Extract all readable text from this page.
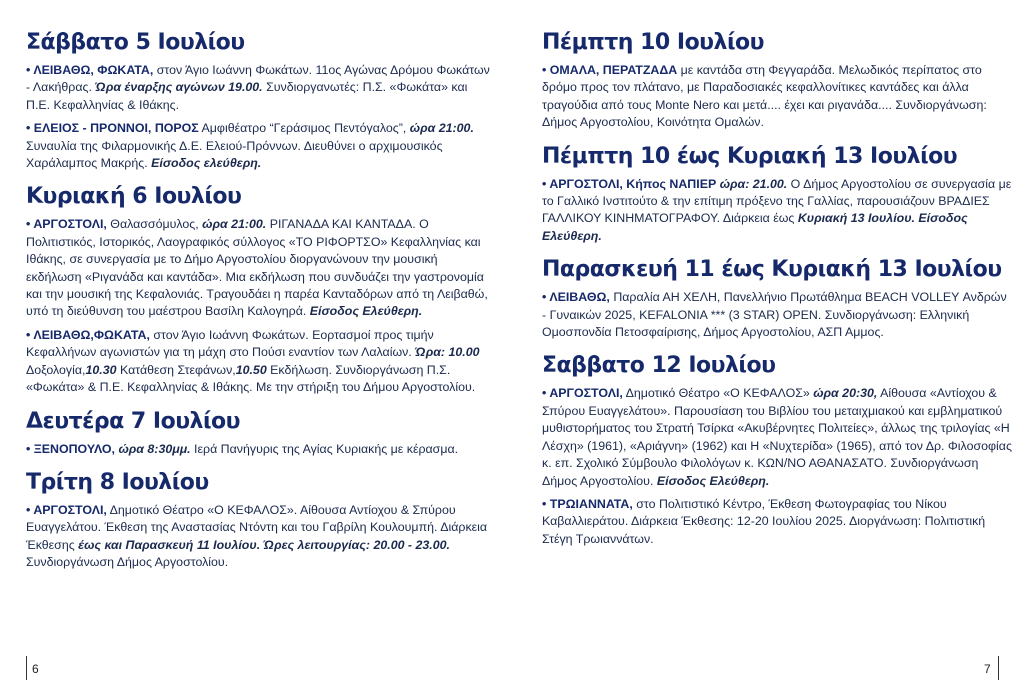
Σάββατο 5 Ιουλίου
• ΛΕΙΒΑΘΩ, ΦΩΚΑΤΑ, στον Άγιο Ιωάννη Φωκάτων. 11ος Αγώνας Δρόμου Φωκάτων - Λακήθρας. Ώρα έναρξης αγώνων 19.00. Συνδιοργανωτές: Π.Σ. «Φωκάτα» και Π.Ε. Κεφαλληνίας & Ιθάκης.
• ΕΛΕΙΟΣ - ΠΡΟΝΝΟΙ, ΠΟΡΟΣ Αμφιθέατρο “Γεράσιμος Πεντόγαλος”, ώρα 21:00. Συναυλία της Φιλαρμονικής Δ.Ε. Ελειού-Πρόννων. Διευθύνει ο αρχιμουσικός Χαράλαμπος Μακρής. Είσοδος ελεύθερη.
Κυριακή 6 Ιουλίου
• ΑΡΓΟΣΤΟΛΙ, Θαλασσόμυλος, ώρα 21:00. ΡΙΓΑΝΑΔΑ ΚΑΙ ΚΑΝΤΑΔΑ. Ο Πολιτιστικός, Ιστορικός, Λαογραφικός σύλλογος «ΤΟ ΡΙΦΟΡΤΣΟ» Κεφαλληνίας και Ιθάκης, σε συνεργασία με το Δήμο Αργοστολίου διοργανώνουν την μουσική εκδήλωση «Ριγανάδα και καντάδα». Μια εκδήλωση που συνδυάζει την γαστρονομία και την μουσική της Κεφαλονιάς. Τραγουδάει η παρέα Κανταδόρων από τη Λειβαθώ, υπό τη διεύθυνση του μαέστρου Βασίλη Καλογηρά. Είσοδος Ελεύθερη.
• ΛΕΙΒΑΘΩ,ΦΩΚΑΤΑ, στον Άγιο Ιωάννη Φωκάτων. Εορτασμοί προς τιμήν Κεφαλλήνων αγωνιστών για τη μάχη στο Πούσι εναντίον των Λαλαίων. Ώρα: 10.00 Δοξολογία,10.30 Κατάθεση Στεφάνων,10.50 Εκδήλωση. Συνδιοργάνωση Π.Σ. «Φωκάτα» & Π.Ε. Κεφαλληνίας & Ιθάκης. Με την στήριξη του Δήμου Αργοστολίου.
Δευτέρα 7 Ιουλίου
• ΞΕΝΟΠΟΥΛΟ, ώρα 8:30μμ. Ιερά Πανήγυρις της Αγίας Κυριακής με κέρασμα.
Τρίτη 8 Ιουλίου
• ΑΡΓΟΣΤΟΛΙ, Δημοτικό Θέατρο «Ο ΚΕΦΑΛΟΣ». Αίθουσα Αντίοχου & Σπύρου Ευαγγελάτου. Έκθεση της Αναστασίας Ντόντη και του Γαβρίλη Κουλουμπή. Διάρκεια Έκθεσης έως και Παρασκευή 11 Ιουλίου. Ώρες λειτουργίας: 20.00 - 23.00. Συνδιοργάνωση Δήμος Αργοστολίου.
6
Πέμπτη 10 Ιουλίου
• ΟΜΑΛΑ, ΠΕΡΑΤΖΑΔΑ με καντάδα στη Φεγγαράδα. Μελωδικός περίπατος στο δρόμο προς τον πλάτανο, με Παραδοσιακές κεφαλλονίτικες καντάδες και άλλα τραγούδια από τους Monte Nero και μετά.... έχει και ριγανάδα.... Συνδιοργάνωση: Δήμος Αργοστολίου, Κοινότητα Ομαλών.
Πέμπτη 10 έως Κυριακή 13 Ιουλίου
• ΑΡΓΟΣΤΟΛΙ, Κήπος ΝΑΠΙΕΡ ώρα: 21.00. Ο Δήμος Αργοστολίου σε συνεργασία με το Γαλλικό Ινστιτούτο & την επίτιμη πρόξενο της Γαλλίας, παρουσιάζουν ΒΡΑΔΙΕΣ ΓΑΛΛΙΚΟΥ ΚΙΝΗΜΑΤΟΓΡΑΦΟΥ. Διάρκεια έως Κυριακή 13 Ιουλίου. Είσοδος Ελεύθερη.
Παρασκευή 11 έως Κυριακή 13 Ιουλίου
• ΛΕΙΒΑΘΩ, Παραλία ΑΗ ΧΕΛΗ, Πανελλήνιο Πρωτάθλημα BEACH VOLLEY Ανδρών - Γυναικών 2025, KEFALONIA *** (3 STAR) OPEN. Συνδιοργάνωση: Ελληνική Ομοσπονδία Πετοσφαίρισης, Δήμος Αργοστολίου, ΑΣΠ Αμμος.
Σαββατο 12 Ιουλίου
• ΑΡΓΟΣΤΟΛΙ, Δημοτικό Θέατρο «Ο ΚΕΦΑΛΟΣ» ώρα 20:30, Αίθουσα «Αντίοχου & Σπύρου Ευαγγελάτου». Παρουσίαση του Βιβλίου του μεταιχμιακού και εμβληματικού μυθιστορήματος του Στρατή Τσίρκα «Ακυβέρνητες Πολιτείες», άλλως της τριλογίας «Η Λέσχη» (1961), «Αριάγνη» (1962) και Η «Νυχτερίδα» (1965), από τον Δρ. Φιλοσοφίας κ. επ. Σχολικό Σύμβουλο Φιλολόγων κ. ΚΩΝ/ΝΟ ΑΘΑΝΑΣΑΤΟ. Συνδιοργάνωση Δήμος Αργοστολίου. Είσοδος Ελεύθερη.
• ΤΡΩΙΑΝΝΑΤΑ, στο Πολιτιστικό Κέντρο, Έκθεση Φωτογραφίας του Νίκου Καβαλλιεράτου. Διάρκεια Έκθεσης: 12-20 Ιουλίου 2025. Διοργάνωση: Πολιτιστική Στέγη Τρωιαννάτων.
7
